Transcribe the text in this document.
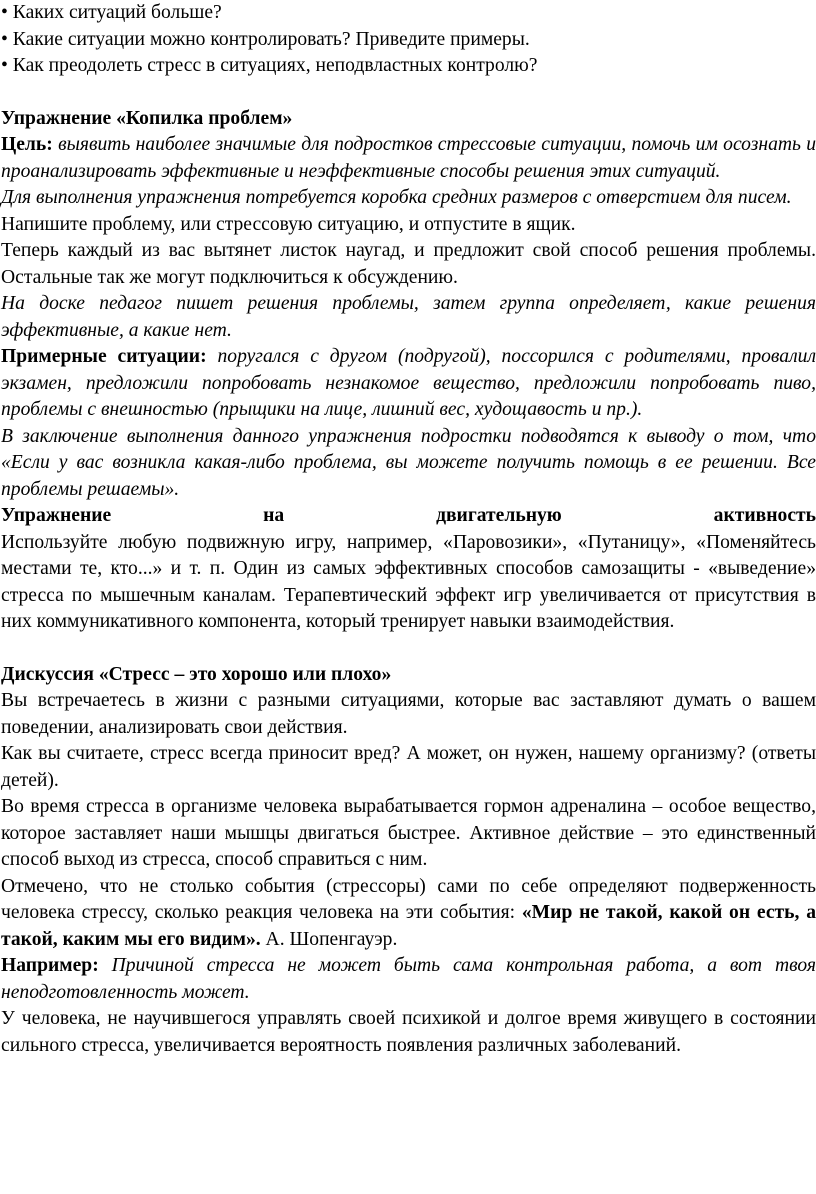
• Каких ситуаций больше?

• Какие ситуации можно контролировать? Приведите примеры.

• Как преодолеть стресс в ситуациях, неподвластных контролю?

Упражнение «Копилка проблем»

Цель: выявить наиболее значимые для подростков стрессовые ситуации, помочь им осознать и проанализировать эффективные и неэффективные способы решения этих ситуаций.

Для выполнения упражнения потребуется коробка средних размеров с отверстием для писем.

Напишите проблему, или стрессовую ситуацию, и отпустите в ящик.

Теперь каждый из вас вытянет листок наугад, и предложит свой способ решения проблемы. Остальные так же могут подключиться к обсуждению.

На доске педагог пишет решения проблемы, затем группа определяет, какие решения эффективные, а какие нет.

Примерные ситуации: поругался с другом (подругой), поссорился с родителями, провалил экзамен, предложили попробовать незнакомое вещество, предложили попробовать пиво, проблемы с внешностью (прыщики на лице, лишний вес, худощавость и пр.).

В заключение выполнения данного упражнения подростки подводятся к выводу о том, что «Если у вас возникла какая-либо проблема, вы можете получить помощь в ее решении. Все проблемы решаемы».

Упражнение на двигательную активность

Используйте любую подвижную игру, например, «Паровозики», «Путаницу», «Поменяйтесь местами те, кто...» и т. п. Один из самых эффективных способов самозащиты - «выведение» стресса по мышечным каналам. Терапевтический эффект игр увеличивается от присутствия в них коммуникативного компонента, который тренирует навыки взаимодействия.

Дискуссия «Стресс – это хорошо или плохо»

Вы встречаетесь в жизни с разными ситуациями, которые вас заставляют думать о вашем поведении, анализировать свои действия.

Как вы считаете, стресс всегда приносит вред? А может, он нужен, нашему организму? (ответы детей).

Во время стресса в организме человека вырабатывается гормон адреналина – особое вещество, которое заставляет наши мышцы двигаться быстрее. Активное действие – это единственный способ выход из стресса, способ справиться с ним.

Отмечено, что не столько события (стрессоры) сами по себе определяют подверженность человека стрессу, сколько реакция человека на эти события: «Мир не такой, какой он есть, а такой, каким мы его видим». А. Шопенгауэр.

Например: Причиной стресса не может быть сама контрольная работа, а вот твоя неподготовленность может.

У человека, не научившегося управлять своей психикой и долгое время живущего в состоянии сильного стресса, увеличивается вероятность появления различных заболеваний.
